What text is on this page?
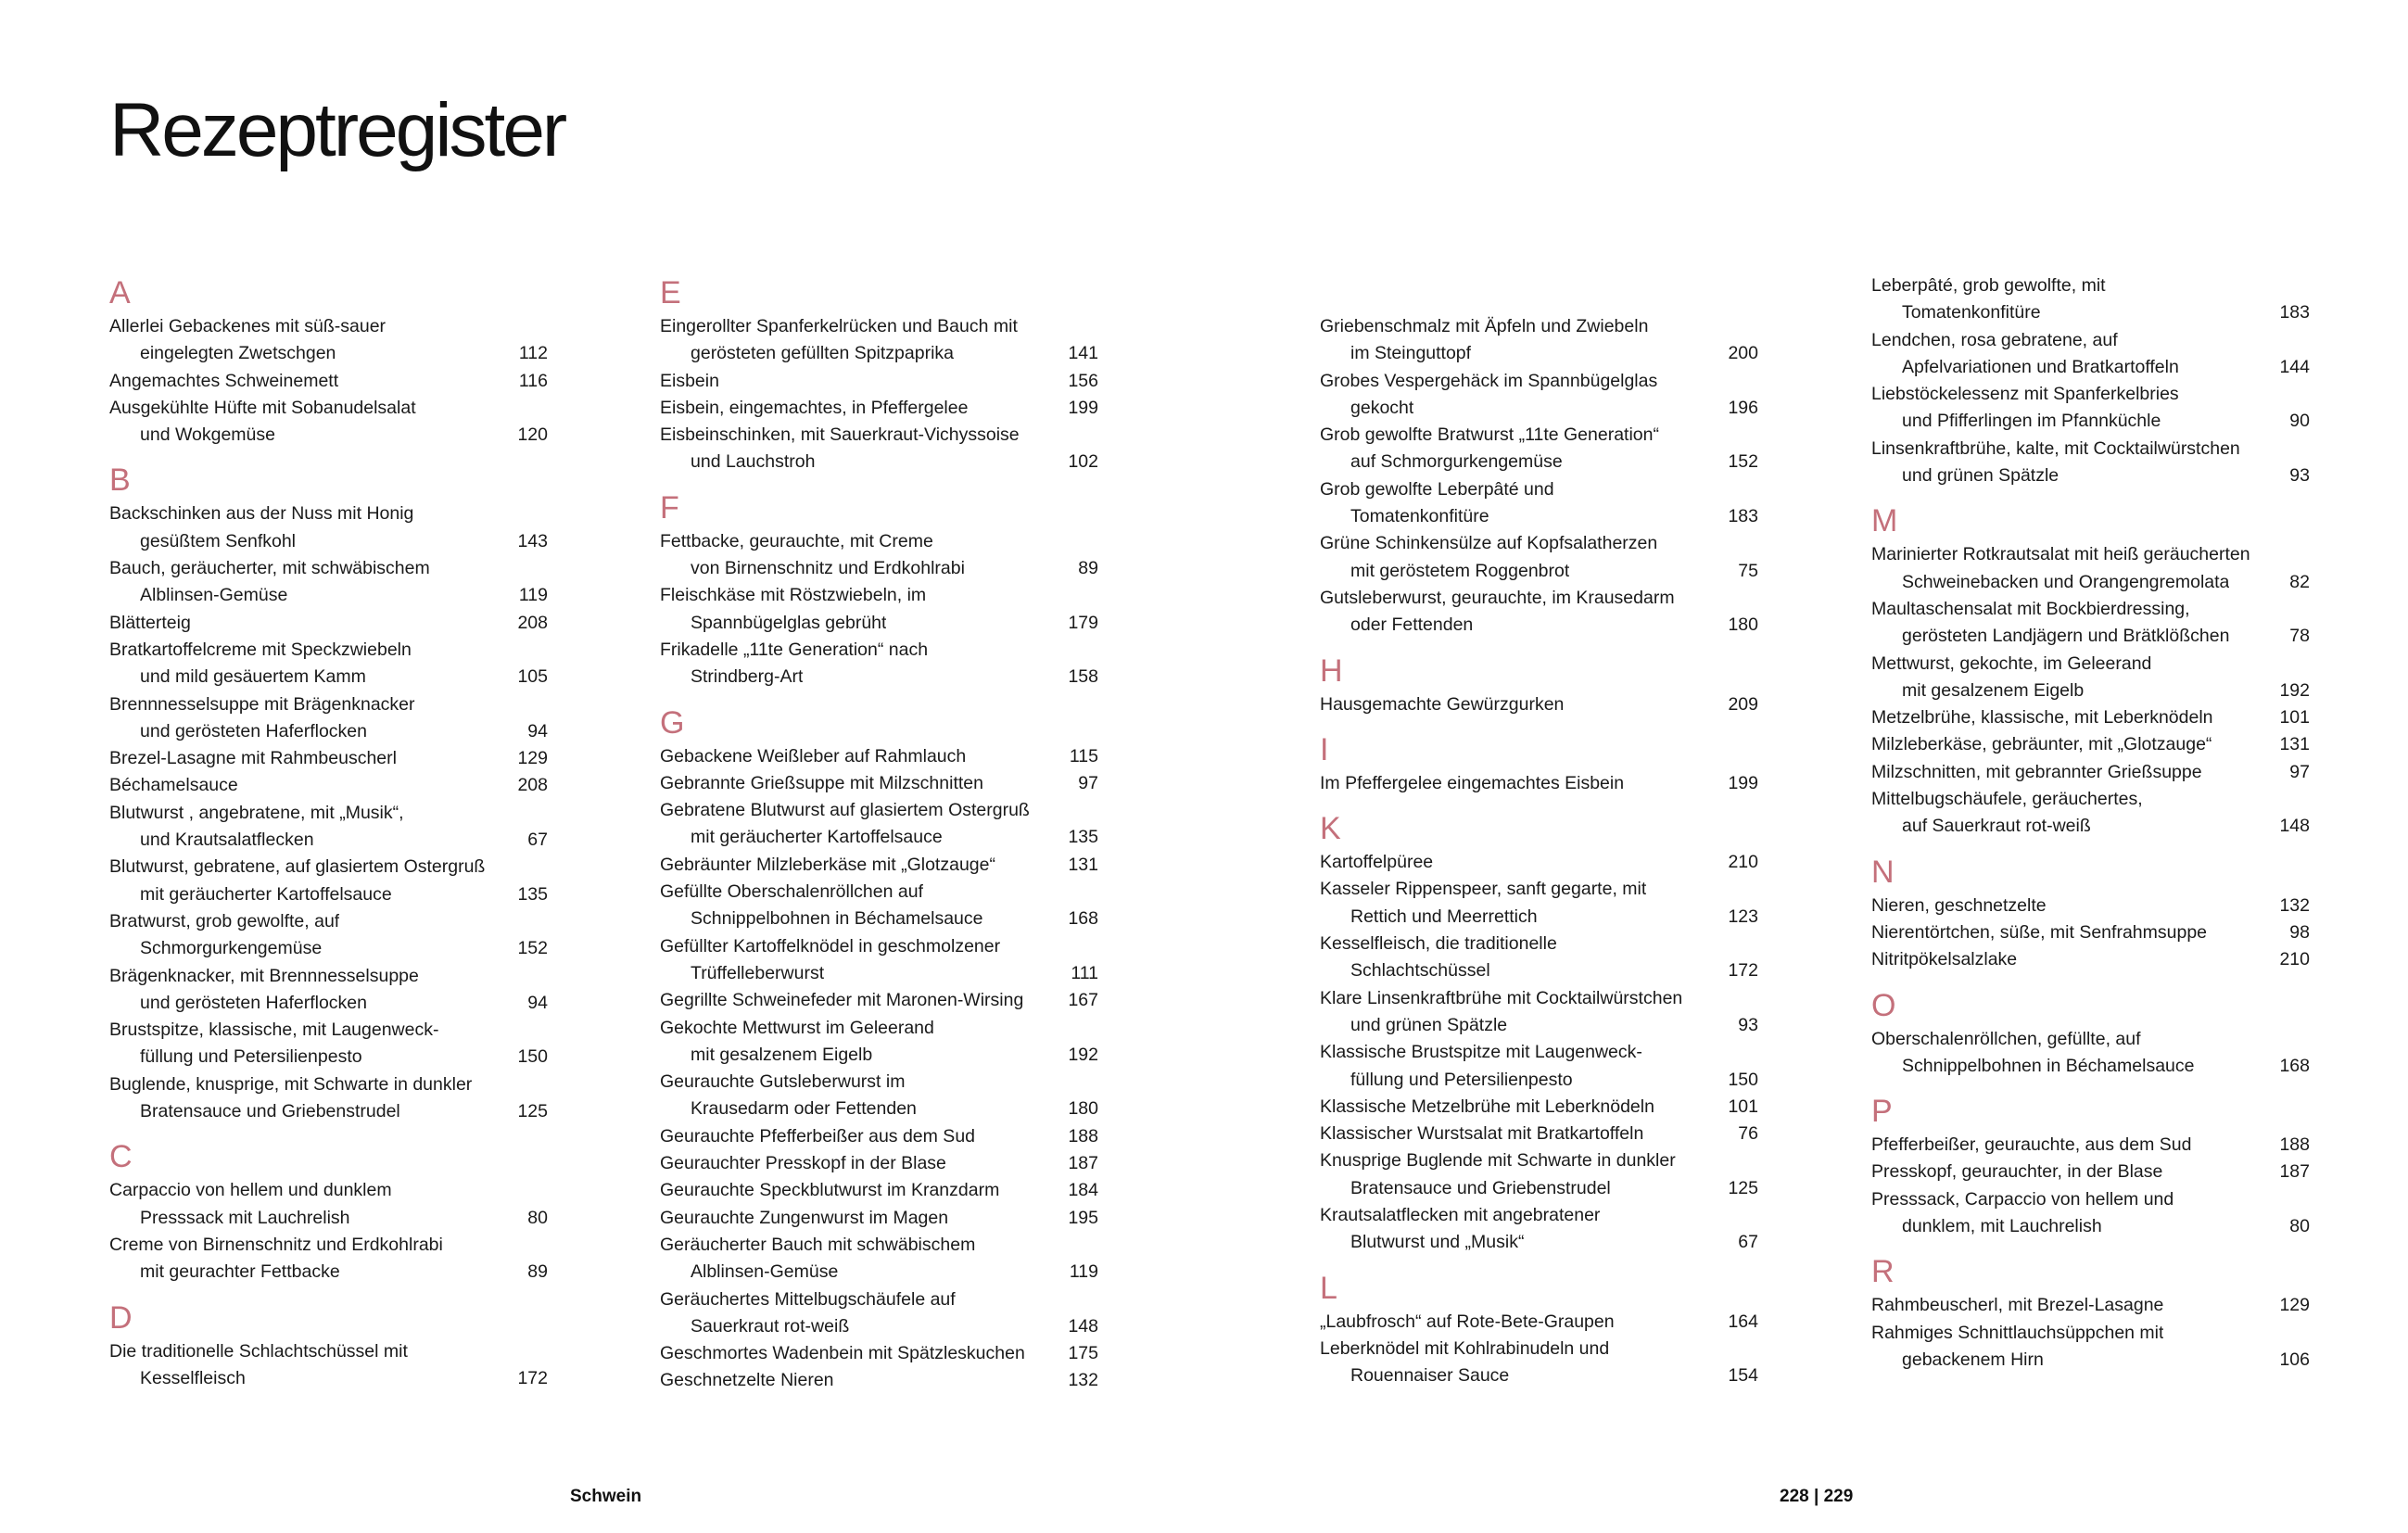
Rezeptregister
A
Allerlei Gebackenes mit süß-sauer
eingelegten Zwetschgen	112
Angemachtes Schweinemett	116
Ausgekühlte Hüfte mit Sobanudelsalat
und Wokgemüse	120
B
Backschinken aus der Nuss mit Honig
gesüßtem Senfkohl	143
Bauch, geräucherter, mit schwäbischem
Alblinsen-Gemüse	119
Blätterteig	208
Bratkartoffelcreme mit Speckzwiebeln
und mild gesäuertem Kamm	105
Brennnesselsuppe mit Brägenknacker
und gerösteten Haferflocken	94
Brezel-Lasagne mit Rahmbeuscherl	129
Béchamelsauce	208
Blutwurst , angebratene, mit „Musik“,
und Krautsalatflecken	67
Blutwurst, gebratene, auf glasiertem Ostergruß
mit geräucherter Kartoffelsauce	135
Bratwurst, grob gewolfte, auf
Schmorgurkengemüse	152
Brägenknacker, mit Brennnesselsuppe
und gerösteten Haferflocken	94
Brustspitze, klassische, mit Laugenweck-
füllung und Petersilienpesto	150
Buglende, knusprige, mit Schwarte in dunkler
Bratensauce und Griebenstrudel	125
C
Carpaccio von hellem und dunklem
Presssack mit Lauchrelish	80
Creme von Birnenschnitz und Erdkohlrabi
mit geurachter Fettbacke	89
D
Die traditionelle Schlachtschüssel mit
Kesselfleisch	172
E
Eingerollter Spanferkelrücken und Bauch mit
gerösteten gefüllten Spitzpaprika	141
Eisbein	156
Eisbein, eingemachtes, in Pfeffergelee	199
Eisbeinschinken, mit Sauerkraut-Vichyssoise
und Lauchstroh	102
F
Fettbacke, geurauchte, mit Creme
von Birnenschnitz und Erdkohlrabi	89
Fleischkäse mit Röstzwiebeln, im
Spannbügelglas gebrüht	179
Frikadelle „11te Generation“ nach
Strindberg-Art	158
G
Gebackene Weißleber auf Rahmlauch	115
Gebrannte Grießsuppe mit Milzschnitten	97
Gebratene Blutwurst auf glasiertem Ostergruß
mit geräucherter Kartoffelsauce	135
Gebräunter Milzleberkäse mit „Glotzauge“	131
Gefüllte Oberschalenröllchen auf
Schnippelbohnen in Béchamelsauce	168
Gefüllter Kartoffelknödel in geschmolzener
Trüffelleberwurst	111
Gegrillte Schweinefeder mit Maronen-Wirsing	167
Gekochte Mettwurst im Geleerand
mit gesalzenem Eigelb	192
Geurauchte Gutsleberwurst im
Krausedarm oder Fettenden	180
Geurauchte Pfefferbeißer aus dem Sud	188
Geurauchter Presskopf in der Blase	187
Geurauchte Speckblutwurst im Kranzdarm	184
Geurauchte Zungenwurst im Magen	195
Geräucherter Bauch mit schwäbischem
Alblinsen-Gemüse	119
Geräuchertes Mittelbugschäufele auf
Sauerkraut rot-weiß	148
Geschmortes Wadenbein mit Spätzleskuchen	175
Geschnetzelte Nieren	132
Griebenschmalz mit Äpfeln und Zwiebeln
im Steinguttopf	200
Grobes Vespergehäck im Spannbügelglas
gekocht	196
Grob gewolfte Bratwurst „11te Generation“
auf Schmorgurkengemüse	152
Grob gewolfte Leberpâté und
Tomatenkonfitüre	183
Grüne Schinkensülze auf Kopfsalatherzen
mit geröstetem Roggenbrot	75
Gutsleberwurst, geurauchte, im Krausedarm
oder Fettenden	180
H
Hausgemachte Gewürzgurken	209
I
Im Pfeffergelee eingemachtes Eisbein	199
K
Kartoffelpüree	210
Kasseler Rippenspeer, sanft gegarte, mit
Rettich und Meerrettich	123
Kesselfleisch, die traditionelle
Schlachtschüssel	172
Klare Linsenkraftbrühe mit Cocktailwürstchen
und grünen Spätzle	93
Klassische Brustspitze mit Laugenweck-
füllung und Petersilienpesto	150
Klassische Metzelbrühe mit Leberknödeln	101
Klassischer Wurstsalat mit Bratkartoffeln	76
Knusprige Buglende mit Schwarte in dunkler
Bratensauce und Griebenstrudel	125
Krautsalatflecken mit angebratener
Blutwurst und „Musik“	67
L
„Laubfrosch“ auf Rote-Bete-Graupen	164
Leberknödel mit Kohlrabinudeln und
Rouennaiser Sauce	154
Leberpâté, grob gewolfte, mit
Tomatenkonfitüre	183
Lendchen, rosa gebratene, auf
Apfelvariationen und Bratkartoffeln	144
Liebstöckelessenz mit Spanferkelbries
und Pfifferlingen im Pfannküchle	90
Linsenkraftbrühe, kalte, mit Cocktailwürstchen
und grünen Spätzle	93
M
Marinierter Rotkrautsalat mit heiß geräucherten
Schweinebacken und Orangengremolata	82
Maultaschensalat mit Bockbierdressing,
gerösteten Landjägern und Brätklößchen	78
Mettwurst, gekochte, im Geleerand
mit gesalzenem Eigelb	192
Metzelbrühe, klassische, mit Leberknödeln	101
Milzleberkäse, gebräunter, mit „Glotzauge“	131
Milzschnitten, mit gebrannter Grießsuppe	97
Mittelbugschäufele, geräuchertes,
auf Sauerkraut rot-weiß	148
N
Nieren, geschnetzelte	132
Nierentörtchen, süße, mit Senfrahmsuppe	98
Nitritpökelsalzlake	210
O
Oberschalenröllchen, gefüllte, auf
Schnippelbohnen in Béchamelsauce	168
P
Pfefferbeißer, geurauchte, aus dem Sud	188
Presskopf, geurauchter, in der Blase	187
Presssack, Carpaccio von hellem und
dunklem, mit Lauchrelish	80
R
Rahmbeuscherl, mit Brezel-Lasagne	129
Rahmiges Schnittlauchsüppchen mit
gebackenem Hirn	106
Schwein	228 | 229
